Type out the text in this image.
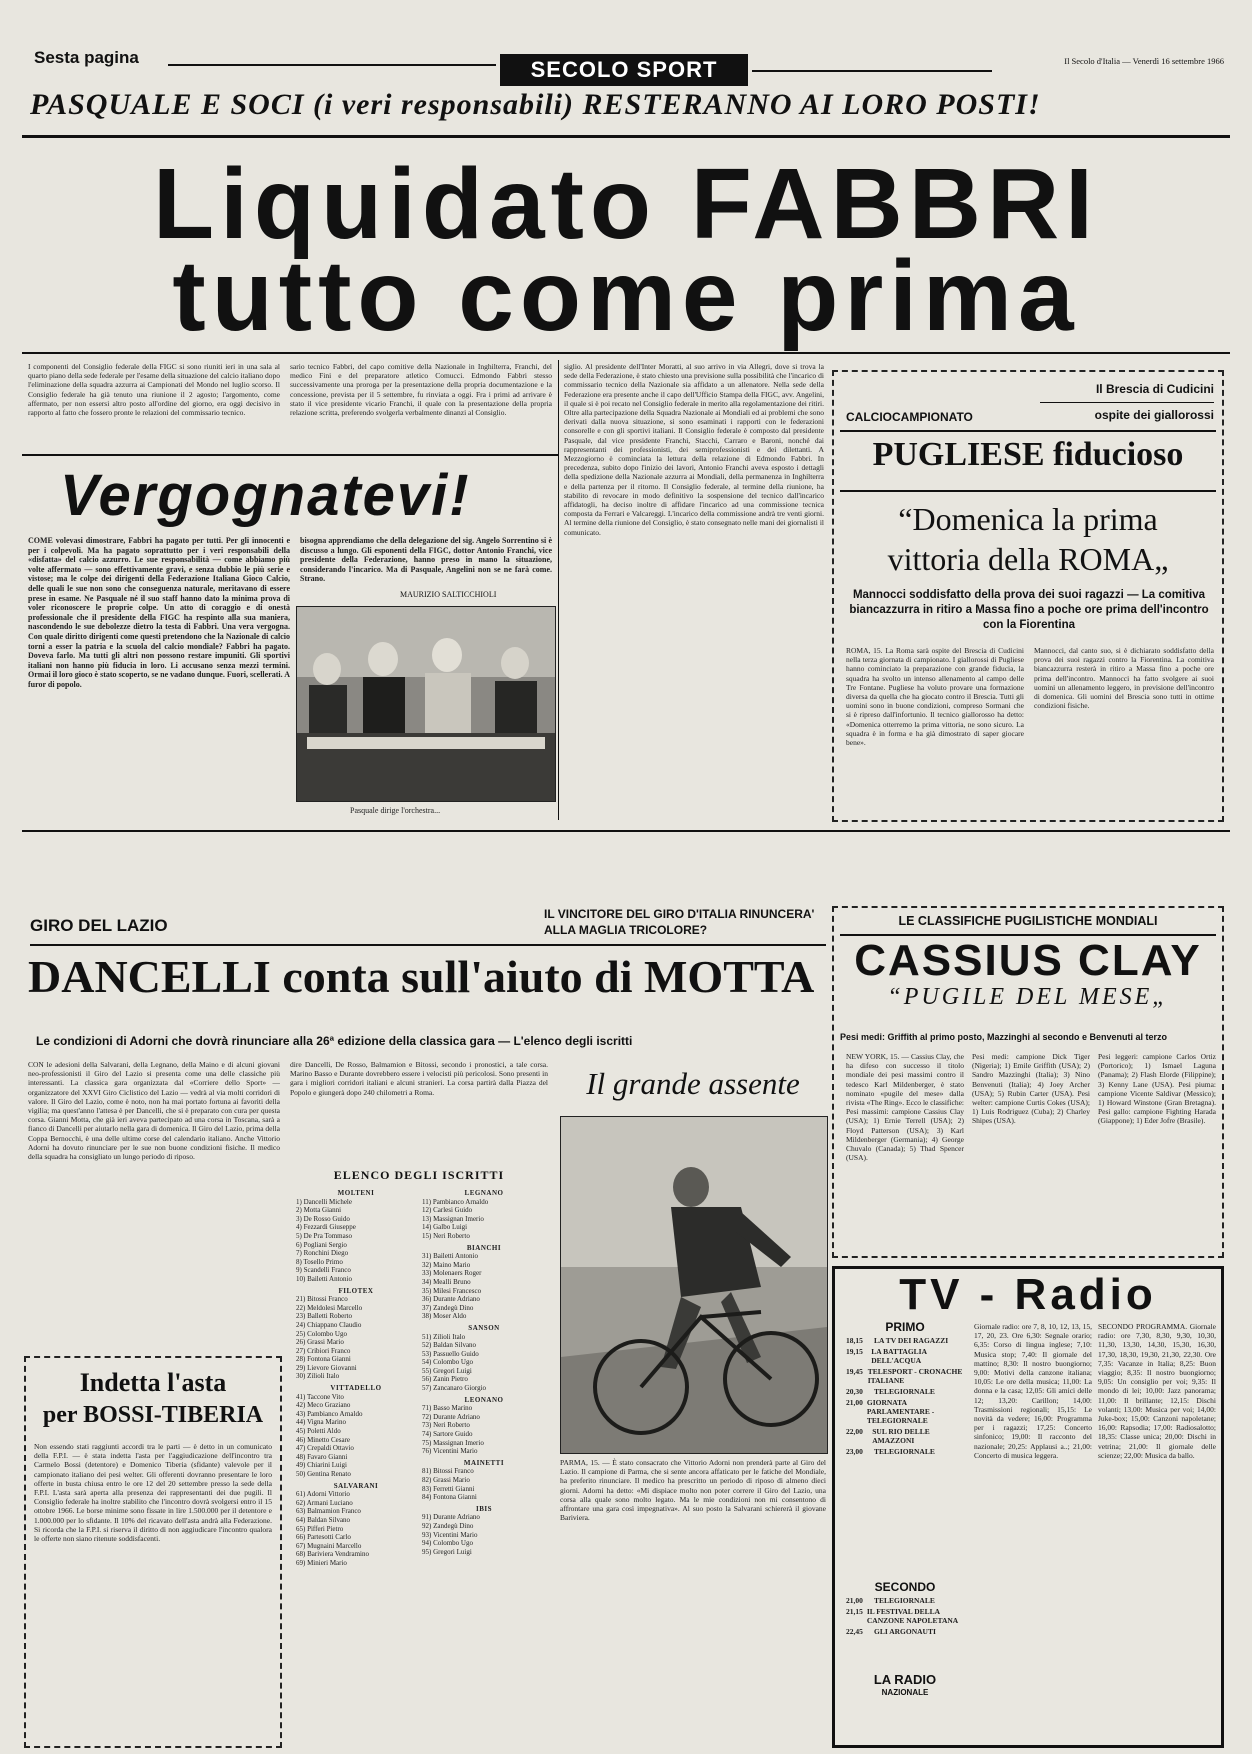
Sesta pagina	SECOLO SPORT	Il Secolo d'Italia — Venerdì 16 settembre 1966
PASQUALE E SOCI (i veri responsabili) RESTERANNO AI LORO POSTI!
Liquidato FABBRI
tutto come prima
I componenti del Consiglio federale della FIGC si sono riuniti ieri in una sala al quarto piano della sede federale per l'esame della situazione del calcio italiano dopo l'eliminazione della squadra azzurra ai Campionati del Mondo nel luglio scorso. Il Consiglio federale ha già tenuto una riunione il 2 agosto; l'argomento, come affermato, per non essersi altro posto all'ordine del giorno, era oggi decisivo in rapporto al fatto che fossero pronte le relazioni del commissario tecnico.
sario tecnico Fabbri, del capo comitive della Nazionale in Inghilterra, Franchi, del medico Fini e del preparatore atletico Comucci. Edmondo Fabbri stesso successivamente una proroga per la presentazione della propria documentazione e la concessione, prevista per il 5 settembre, fu rinviata a oggi. Fra i primi ad arrivare è stato il vice presidente vicario Franchi, il quale con la presentazione della propria relazione scritta, preferendo svolgerla verbalmente dinanzi al Consiglio.
Vergognatevi!
COME volevasi dimostrare, Fabbri ha pagato per tutti. Per gli innocenti e per i colpevoli. Ma ha pagato soprattutto per i veri responsabili della «disfatta» del calcio azzurro. Le sue responsabilità — come abbiamo più volte affermato — sono effettivamente gravi, e senza dubbio le più serie e vistose; ma le colpe dei dirigenti della Federazione Italiana Gioco Calcio, delle quali le sue non sono che conseguenza naturale, meritavano di essere prese in esame. Ne Pasquale né il suo staff hanno dato la minima prova di voler riconoscere le proprie colpe. Un atto di coraggio e di onestà professionale che il presidente della FIGC ha respinto alla sua maniera, nascondendo le sue debolezze dietro la testa di Fabbri. Una vera vergogna. Con quale diritto dirigenti come questi pretendono che la Nazionale di calcio torni a esser la patria e la scuola del calcio mondiale? Fabbri ha pagato. Doveva farlo. Ma tutti gli altri non possono restare impuniti. Gli sportivi italiani non hanno più fiducia in loro. Li accusano senza mezzi termini. Ormai il loro gioco è stato scoperto, se ne vadano dunque. Fuori, scellerati. A furor di popolo.
bisogna apprendiamo che della delegazione del sig. Angelo Sorrentino si è discusso a lungo. Gli esponenti della FIGC, dottor Antonio Franchi, vice presidente della Federazione, hanno preso in mano la situazione, considerando l'incarico. Ma di Pasquale, Angelini non se ne farà come. Strano.
MAURIZIO SALTICCHIOLI
Pasquale dirige l'orchestra...
siglio. Al presidente dell'Inter Moratti, al suo arrivo in via Allegri, dove si trova la sede della Federazione, è stato chiesto una previsione sulla possibilità che l'incarico di commissario tecnico della Nazionale sia affidato a un allenatore. Nella sede della Federazione era presente anche il capo dell'Ufficio Stampa della FIGC, avv. Angelini, il quale si è poi recato nel Consiglio federale in merito alla regolamentazione dei ritiri. Oltre alla partecipazione della Squadra Nazionale ai Mondiali ed ai problemi che sono derivati dalla nuova situazione, si sono esaminati i rapporti con le federazioni consorelle e con gli sportivi italiani. Il Consiglio federale è composto dal presidente Pasquale, dal vice presidente Franchi, Stacchi, Carraro e Baroni, nonché dai rappresentanti dei professionisti, dei semiprofessionisti e dei dilettanti. A Mezzogiorno è cominciata la lettura della relazione di Edmondo Fabbri. In precedenza, subito dopo l'inizio dei lavori, Antonio Franchi aveva esposto i dettagli della spedizione della Nazionale azzurra ai Mondiali, della permanenza in Inghilterra e della partenza per il ritorno. Il Consiglio federale, al termine della riunione, ha stabilito di revocare in modo definitivo la sospensione del tecnico dall'incarico affidatogli, ha deciso inoltre di affidare l'incarico ad una commissione tecnica composta da Ferrari e Valcareggi. L'incarico della commissione andrà tre venti giorni. Al termine della riunione del Consiglio, è stato consegnato nelle mani dei giornalisti il comunicato.
CALCIOCAMPIONATO
Il Brescia di Cudicini
ospite dei giallorossi
PUGLIESE fiducioso
“Domenica la prima
vittoria della ROMA„
Mannocci soddisfatto della prova dei suoi ragazzi — La comitiva biancazzurra in ritiro a Massa fino a poche ore prima dell'incontro con la Fiorentina
ROMA, 15. La Roma sarà ospite del Brescia di Cudicini nella terza giornata di campionato. I giallorossi di Pugliese hanno cominciato la preparazione con grande fiducia, la squadra ha svolto un intenso allenamento al campo delle Tre Fontane. Pugliese ha voluto provare una formazione diversa da quella che ha giocato contro il Brescia. Tutti gli uomini sono in buone condizioni, compreso Sormani che si è ripreso dall'infortunio. Il tecnico giallorosso ha detto: «Domenica otterremo la prima vittoria, ne sono sicuro. La squadra è in forma e ha già dimostrato di saper giocare bene».
Mannocci, dal canto suo, si è dichiarato soddisfatto della prova dei suoi ragazzi contro la Fiorentina. La comitiva biancazzurra resterà in ritiro a Massa fino a poche ore prima dell'incontro. Mannocci ha fatto svolgere ai suoi uomini un allenamento leggero, in previsione dell'incontro di domenica. Gli uomini del Brescia sono tutti in ottime condizioni fisiche.
GIRO DEL LAZIO
IL VINCITORE DEL GIRO D'ITALIA RINUNCERA' ALLA MAGLIA TRICOLORE?
DANCELLI conta sull'aiuto di MOTTA
Le condizioni di Adorni che dovrà rinunciare alla 26ª edizione della classica gara — L'elenco degli iscritti
CON le adesioni della Salvarani, della Legnano, della Maino e di alcuni giovani neo-professionisti il Giro del Lazio si presenta come una delle classiche più interessanti. La classica gara organizzata dal «Corriere dello Sport» — organizzatore del XXVI Giro Ciclistico del Lazio — vedrà al via molti corridori di valore. Il Giro del Lazio, come è noto, non ha mai portato fortuna ai favoriti della vigilia; ma quest'anno l'attesa è per Dancelli, che si è preparato con cura per questa corsa. Gianni Motta, che già ieri aveva partecipato ad una corsa in Toscana, sarà a fianco di Dancelli per aiutarlo nella gara di domenica. Il Giro del Lazio, prima della Coppa Bernocchi, è una delle ultime corse del calendario italiano. Anche Vittorio Adorni ha dovuto rinunciare per le sue non buone condizioni fisiche. Il medico della squadra ha consigliato un lungo periodo di riposo.
dire Dancelli, De Rosso, Balmamion e Bitossi, secondo i pronostici, a tale corsa. Marino Basso e Durante dovrebbero essere i velocisti più pericolosi. Sono presenti in gara i migliori corridori italiani e alcuni stranieri. La corsa partirà dalla Piazza del Popolo e giungerà dopo 240 chilometri a Roma.
ELENCO DEGLI ISCRITTI
MOLTENI
1) Dancelli Michele
2) Motta Gianni
3) De Rosso Guido
4) Fezzardi Giuseppe
5) De Pra Tommaso
6) Pogliani Sergio
7) Ronchini Diego
8) Tosello Primo
9) Scandelli Franco
10) Bailetti Antonio
FILOTEX
21) Bitossi Franco
22) Meldolesi Marcello
23) Balletti Roberto
24) Chiappano Claudio
25) Colombo Ugo
26) Grassi Mario
27) Cribiori Franco
28) Fontona Gianni
29) Lievore Giovanni
30) Zilioli Italo
VITTADELLO
41) Taccone Vito
42) Meco Graziano
43) Pambianco Arnaldo
44) Vigna Marino
45) Poletti Aldo
46) Minetto Cesare
47) Crepaldi Ottavio
48) Favaro Gianni
49) Chiarini Luigi
50) Gentina Renato
SALVARANI
61) Adorni Vittorio
62) Armani Luciano
63) Balmamion Franco
64) Baldan Silvano
65) Pifferi Pietro
66) Partesotti Carlo
67) Mugnaini Marcello
68) Bariviera Vendramino
69) Minieri Mario
LEGNANO
11) Pambianco Arnaldo
12) Carlesi Guido
13) Massignan Imerio
14) Galbo Luigi
15) Neri Roberto
BIANCHI
31) Bailetti Antonio
32) Maino Mario
33) Molenaers Roger
34) Mealli Bruno
35) Milesi Francesco
36) Durante Adriano
37) Zandegù Dino
38) Moser Aldo
SANSON
51) Zilioli Italo
52) Baldan Silvano
53) Passuello Guido
54) Colombo Ugo
55) Gregori Luigi
56) Zanin Pietro
57) Zancanaro Giorgio
LEONANO
71) Basso Marino
72) Durante Adriano
73) Neri Roberto
74) Sartore Guido
75) Massignan Imerio
76) Vicentini Mario
MAINETTI
81) Bitossi Franco
82) Grassi Mario
83) Ferretti Gianni
84) Fontona Gianni
IBIS
91) Durante Adriano
92) Zandegù Dino
93) Vicentini Mario
94) Colombo Ugo
95) Gregori Luigi
Il grande assente
PARMA, 15. — È stato consacrato che Vittorio Adorni non prenderà parte al Giro del Lazio. Il campione di Parma, che si sente ancora affaticato per le fatiche del Mondiale, ha preferito rinunciare. Il medico ha prescritto un periodo di riposo di almeno dieci giorni. Adorni ha detto: «Mi dispiace molto non poter correre il Giro del Lazio, una corsa alla quale sono molto legato. Ma le mie condizioni non mi consentono di affrontare una gara così impegnativa». Al suo posto la Salvarani schiererà il giovane Bariviera.
Indetta l'asta
per BOSSI-TIBERIA
Non essendo stati raggiunti accordi tra le parti — è detto in un comunicato della F.P.I. — è stata indetta l'asta per l'aggiudicazione dell'incontro tra Carmelo Bossi (detentore) e Domenico Tiberia (sfidante) valevole per il campionato italiano dei pesi welter. Gli offerenti dovranno presentare le loro offerte in busta chiusa entro le ore 12 del 20 settembre presso la sede della F.P.I. L'asta sarà aperta alla presenza dei rappresentanti dei due pugili. Il Consiglio federale ha inoltre stabilito che l'incontro dovrà svolgersi entro il 15 ottobre 1966. Le borse minime sono fissate in lire 1.500.000 per il detentore e 1.000.000 per lo sfidante. Il 10% del ricavato dell'asta andrà alla Federazione. Si ricorda che la F.P.I. si riserva il diritto di non aggiudicare l'incontro qualora le offerte non siano ritenute soddisfacenti.
LE CLASSIFICHE PUGILISTICHE MONDIALI
CASSIUS CLAY
“PUGILE DEL MESE„
Pesi medi: Griffith al primo posto, Mazzinghi al secondo e Benvenuti al terzo
NEW YORK, 15. — Cassius Clay, che ha difeso con successo il titolo mondiale dei pesi massimi contro il tedesco Karl Mildenberger, è stato nominato «pugile del mese» dalla rivista «The Ring». Ecco le classifiche: Pesi massimi: campione Cassius Clay (USA); 1) Ernie Terrell (USA); 2) Floyd Patterson (USA); 3) Karl Mildenberger (Germania); 4) George Chuvalo (Canada); 5) Thad Spencer (USA).
Pesi medi: campione Dick Tiger (Nigeria); 1) Emile Griffith (USA); 2) Sandro Mazzinghi (Italia); 3) Nino Benvenuti (Italia); 4) Joey Archer (USA); 5) Rubin Carter (USA). Pesi welter: campione Curtis Cokes (USA); 1) Luis Rodriguez (Cuba); 2) Charley Shipes (USA).
Pesi leggeri: campione Carlos Ortiz (Portorico); 1) Ismael Laguna (Panama); 2) Flash Elorde (Filippine); 3) Kenny Lane (USA). Pesi piuma: campione Vicente Saldivar (Messico); 1) Howard Winstone (Gran Bretagna). Pesi gallo: campione Fighting Harada (Giappone); 1) Eder Jofre (Brasile).
TV - Radio
PRIMO
18,15	LA TV DEI RAGAZZI
19,15	LA BATTAGLIA DELL'ACQUA
19,45 TELESPORT - CRONACHE ITALIANE
20,30	TELEGIORNALE
21,00 GIORNATA PARLAMENTARE - TELEGIORNALE
22,00	SUL RIO DELLE AMAZZONI
23,00	TELEGIORNALE
SECONDO
21,00	TELEGIORNALE
21,15 IL FESTIVAL DELLA CANZONE NAPOLETANA
22,45	GLI ARGONAUTI
LA RADIO
NAZIONALE
Giornale radio: ore 7, 8, 10, 12, 13, 15, 17, 20, 23. Ore 6,30: Segnale orario; 6,35: Corso di lingua inglese; 7,10: Musica stop; 7,40: Il giornale del mattino; 8,30: Il nostro buongiorno; 9,00: Motivi della canzone italiana; 10,05: Le ore della musica; 11,00: La donna e la casa; 12,05: Gli amici delle 12; 13,20: Carillon; 14,00: Trasmissioni regionali; 15,15: Le novità da vedere; 16,00: Programma per i ragazzi; 17,25: Concerto sinfonico; 19,00: Il racconto del nazionale; 20,25: Applausi a..; 21,00: Concerto di musica leggera.
SECONDO PROGRAMMA. Giornale radio: ore 7,30, 8,30, 9,30, 10,30, 11,30, 13,30, 14,30, 15,30, 16,30, 17,30, 18,30, 19,30, 21,30, 22,30. Ore 7,35: Vacanze in Italia; 8,25: Buon viaggio; 8,35: Il nostro buongiorno; 9,05: Un consiglio per voi; 9,35: Il mondo di lei; 10,00: Jazz panorama; 11,00: Il brillante; 12,15: Dischi volanti; 13,00: Musica per voi; 14,00: Juke-box; 15,00: Canzoni napoletane; 16,00: Rapsodia; 17,00: Radiosalotto; 18,35: Classe unica; 20,00: Dischi in vetrina; 21,00: Il giornale delle scienze; 22,00: Musica da ballo.
